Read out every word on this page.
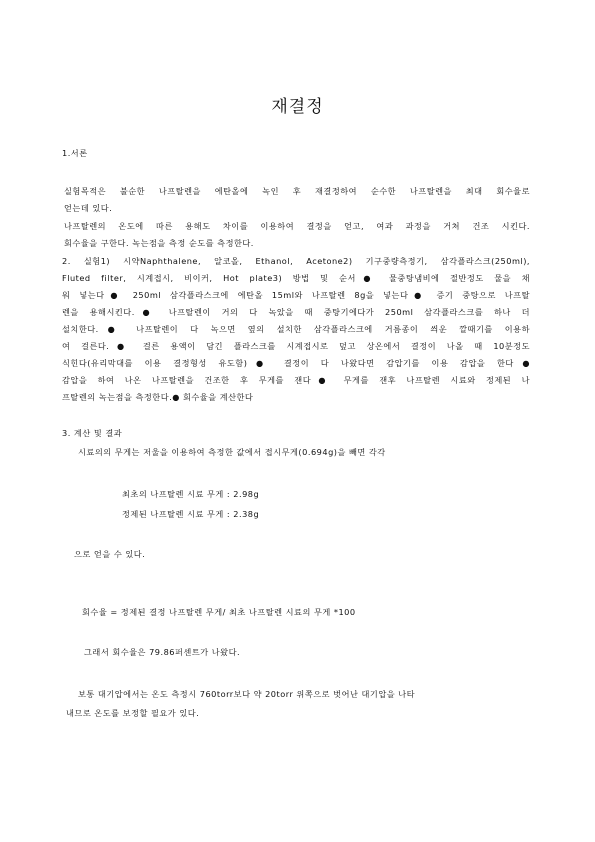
재결정
1.서론
실험목적은 불순한 나프탈렌을 에탄올에 녹인 후 재결정하여 순수한 나프탈렌을 최대 회수율로
얻는데 있다.
나프탈렌의 온도에 따른 용해도 차이를 이용하여 결정을 얻고, 여과 과정을 거쳐 건조 시킨다.
회수율을 구한다. 녹는점을 측정 순도를 측정한다.
2. 실험1) 시약Naphthalene, 알코올, Ethanol, Acetone2) 기구중량측정기, 삼각플라스크(250ml),
Fluted filter, 시계접시, 비이커, Hot plate3) 방법 및 순서● 물중탕냄비에 절반정도 물을 채
워 넣는다● 250ml 삼각플라스크에 에탄올 15ml와 나프탈렌 8g을 넣는다● 증기 중탕으로 나프탈
렌을 용해시킨다.● 나프탈렌이 거의 다 녹았을 때 중탕기에다가 250ml 삼각플라스크를 하나 더
설치한다.● 나프탈렌이 다 녹으면 옆의 설치한 삼각플라스크에 거름종이 씌운 깔때기를 이용하
여 걸른다.● 걸른 용액이 담긴 플라스크를 시계접시로 덮고 상온에서 결정이 나올 때 10분정도
식힌다(유리막대를 이용 결정형성 유도함)● 결정이 다 나왔다면 감압기를 이용 감압을 한다●
감압을 하여 나온 나프탈렌을 건조한 후 무게를 잰다● 무게를 잰후 나프탈렌 시료와 정제된 나
프탈렌의 녹는점을 측정한다.● 회수율을 계산한다
3. 계산 및 결과
시료의의 무게는 저울을 이용하여 측정한 값에서 접시무게(0.694g)을 빼면 각각
최초의 나프탈렌 시료 무게 : 2.98g
정제된 나프탈렌 시료 무게 : 2.38g
으로 얻을 수 있다.
회수율 = 정제된 결정 나프탈렌 무게/ 최초 나프탈렌 시료의 무게 *100
그래서 회수율은 79.86퍼센트가 나왔다.
보통 대기압에서는 온도 측정시 760torr보다 약 20torr 위쪽으로 벗어난 대기압을 나타
내므로 온도를 보정할 필요가 있다.
